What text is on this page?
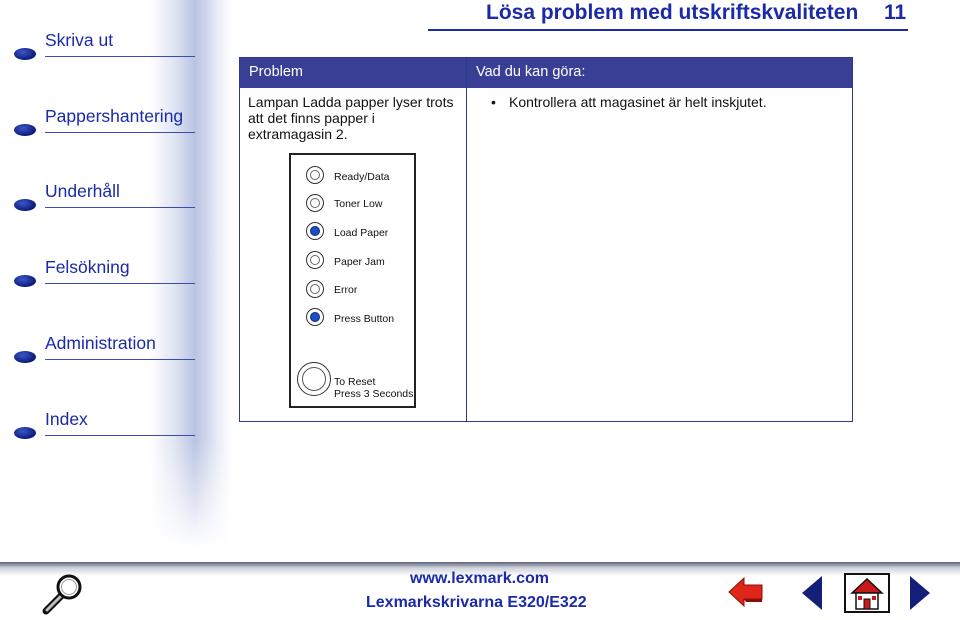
Skriva ut
Pappershantering
Underhåll
Felsökning
Administration
Index
Lösa problem med utskriftskvaliteten 11
Problem	Vad du kan göra:
Lampan Ladda papper lyser trots att det finns papper i extramagasin 2.
• Kontrollera att magasinet är helt inskjutet.
Ready/Data
Toner Low
Load Paper
Paper Jam
Error
Press Button
To Reset
Press 3 Seconds
www.lexmark.com
Lexmarkskrivarna E320/E322
